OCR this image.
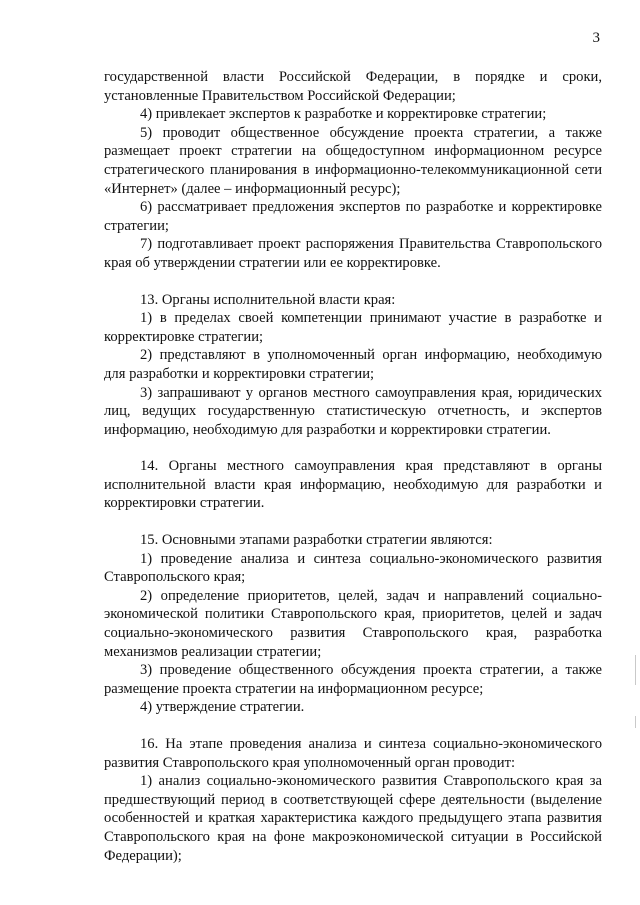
3

государственной власти Российской Федерации, в порядке и сроки, установленные Правительством Российской Федерации;

4) привлекает экспертов к разработке и корректировке стратегии;

5) проводит общественное обсуждение проекта стратегии, а также размещает проект стратегии на общедоступном информационном ресурсе стратегического планирования в информационно-телекоммуникационной сети «Интернет» (далее – информационный ресурс);

6) рассматривает предложения экспертов по разработке и корректировке стратегии;

7) подготавливает проект распоряжения Правительства Ставропольского края об утверждении стратегии или ее корректировке.

13. Органы исполнительной власти края:

1) в пределах своей компетенции принимают участие в разработке и корректировке стратегии;

2) представляют в уполномоченный орган информацию, необходимую для разработки и корректировки стратегии;

3) запрашивают у органов местного самоуправления края, юридических лиц, ведущих государственную статистическую отчетность, и экспертов информацию, необходимую для разработки и корректировки стратегии.

14. Органы местного самоуправления края представляют в органы исполнительной власти края информацию, необходимую для разработки и корректировки стратегии.

15. Основными этапами разработки стратегии являются:

1) проведение анализа и синтеза социально-экономического развития Ставропольского края;

2) определение приоритетов, целей, задач и направлений социально-экономической политики Ставропольского края, приоритетов, целей и задач социально-экономического развития Ставропольского края, разработка механизмов реализации стратегии;

3) проведение общественного обсуждения проекта стратегии, а также размещение проекта стратегии на информационном ресурсе;

4) утверждение стратегии.

16. На этапе проведения анализа и синтеза социально-экономического развития Ставропольского края уполномоченный орган проводит:

1) анализ социально-экономического развития Ставропольского края за предшествующий период в соответствующей сфере деятельности (выделение особенностей и краткая характеристика каждого предыдущего этапа развития Ставропольского края на фоне макроэкономической ситуации в Российской Федерации);
